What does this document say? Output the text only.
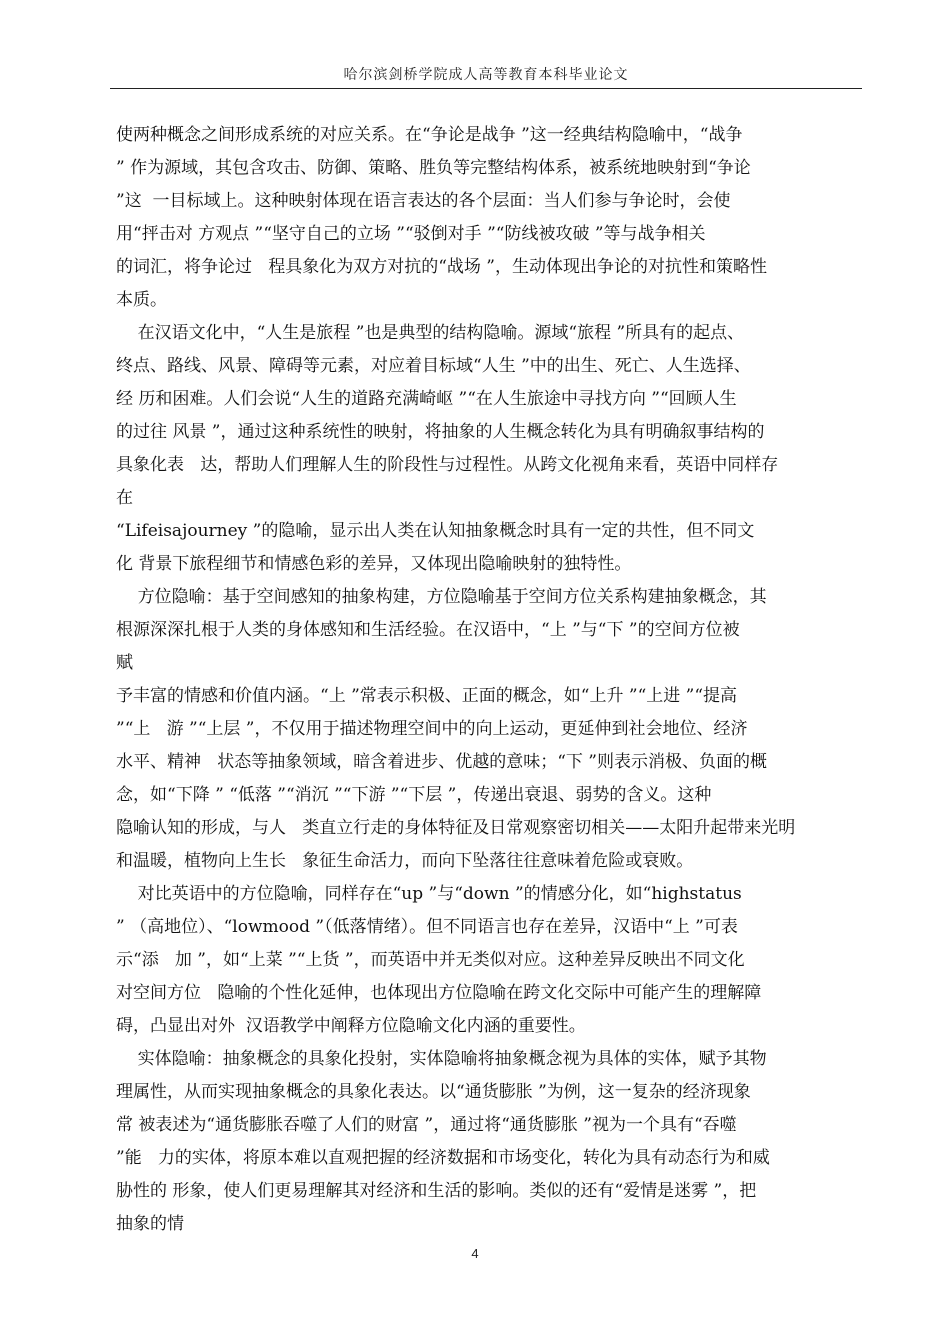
哈尔滨剑桥学院成人高等教育本科毕业论文
使两种概念之间形成系统的对应关系。在“争论是战争 ”这一经典结构隐喻中，“战争
” 作为源域，其包含攻击、防御、策略、胜负等完整结构体系，被系统地映射到“争论
”这  一目标域上。这种映射体现在语言表达的各个层面：当人们参与争论时，会使
用“抨击对 方观点 ”“坚守自己的立场 ”“驳倒对手 ”“防线被攻破 ”等与战争相关
的词汇，将争论过   程具象化为双方对抗的“战场 ”，生动体现出争论的对抗性和策略性
本质。
在汉语文化中，“人生是旅程 ”也是典型的结构隐喻。源域“旅程 ”所具有的起点、
终点、路线、风景、障碍等元素，对应着目标域“人生 ”中的出生、死亡、人生选择、
经 历和困难。人们会说“人生的道路充满崎岖 ”“在人生旅途中寻找方向 ”“回顾人生
的过往 风景 ”，通过这种系统性的映射，将抽象的人生概念转化为具有明确叙事结构的
具象化表   达，帮助人们理解人生的阶段性与过程性。从跨文化视角来看，英语中同样存
在
“Lifeisajourney ”的隐喻，显示出人类在认知抽象概念时具有一定的共性，但不同文
化 背景下旅程细节和情感色彩的差异，又体现出隐喻映射的独特性。
方位隐喻：基于空间感知的抽象构建，方位隐喻基于空间方位关系构建抽象概念，其
根源深深扎根于人类的身体感知和生活经验。在汉语中，“上 ”与“下 ”的空间方位被
赋
予丰富的情感和价值内涵。“上 ”常表示积极、正面的概念，如“上升 ”“上进 ”“提高
”“上   游 ”“上层 ”，不仅用于描述物理空间中的向上运动，更延伸到社会地位、经济
水平、精神   状态等抽象领域，暗含着进步、优越的意味；“下 ”则表示消极、负面的概
念，如“下降 ” “低落 ”“消沉 ”“下游 ”“下层 ”，传递出衰退、弱势的含义。这种
隐喻认知的形成，与人   类直立行走的身体特征及日常观察密切相关——太阳升起带来光明
和温暖，植物向上生长   象征生命活力，而向下坠落往往意味着危险或衰败。
对比英语中的方位隐喻，同样存在“up ”与“down ”的情感分化，如“highstatus
” （高地位）、“lowmood ”（低落情绪）。但不同语言也存在差异，汉语中“上 ”可表
示“添   加 ”，如“上菜 ”“上货 ”，而英语中并无类似对应。这种差异反映出不同文化
对空间方位   隐喻的个性化延伸，也体现出方位隐喻在跨文化交际中可能产生的理解障
碍，凸显出对外  汉语教学中阐释方位隐喻文化内涵的重要性。
实体隐喻：抽象概念的具象化投射，实体隐喻将抽象概念视为具体的实体，赋予其物
理属性，从而实现抽象概念的具象化表达。以“通货膨胀 ”为例，这一复杂的经济现象
常 被表述为“通货膨胀吞噬了人们的财富 ”，通过将“通货膨胀 ”视为一个具有“吞噬
”能   力的实体，将原本难以直观把握的经济数据和市场变化，转化为具有动态行为和威
胁性的 形象，使人们更易理解其对经济和生活的影响。类似的还有“爱情是迷雾 ”，把
抽象的情
4
